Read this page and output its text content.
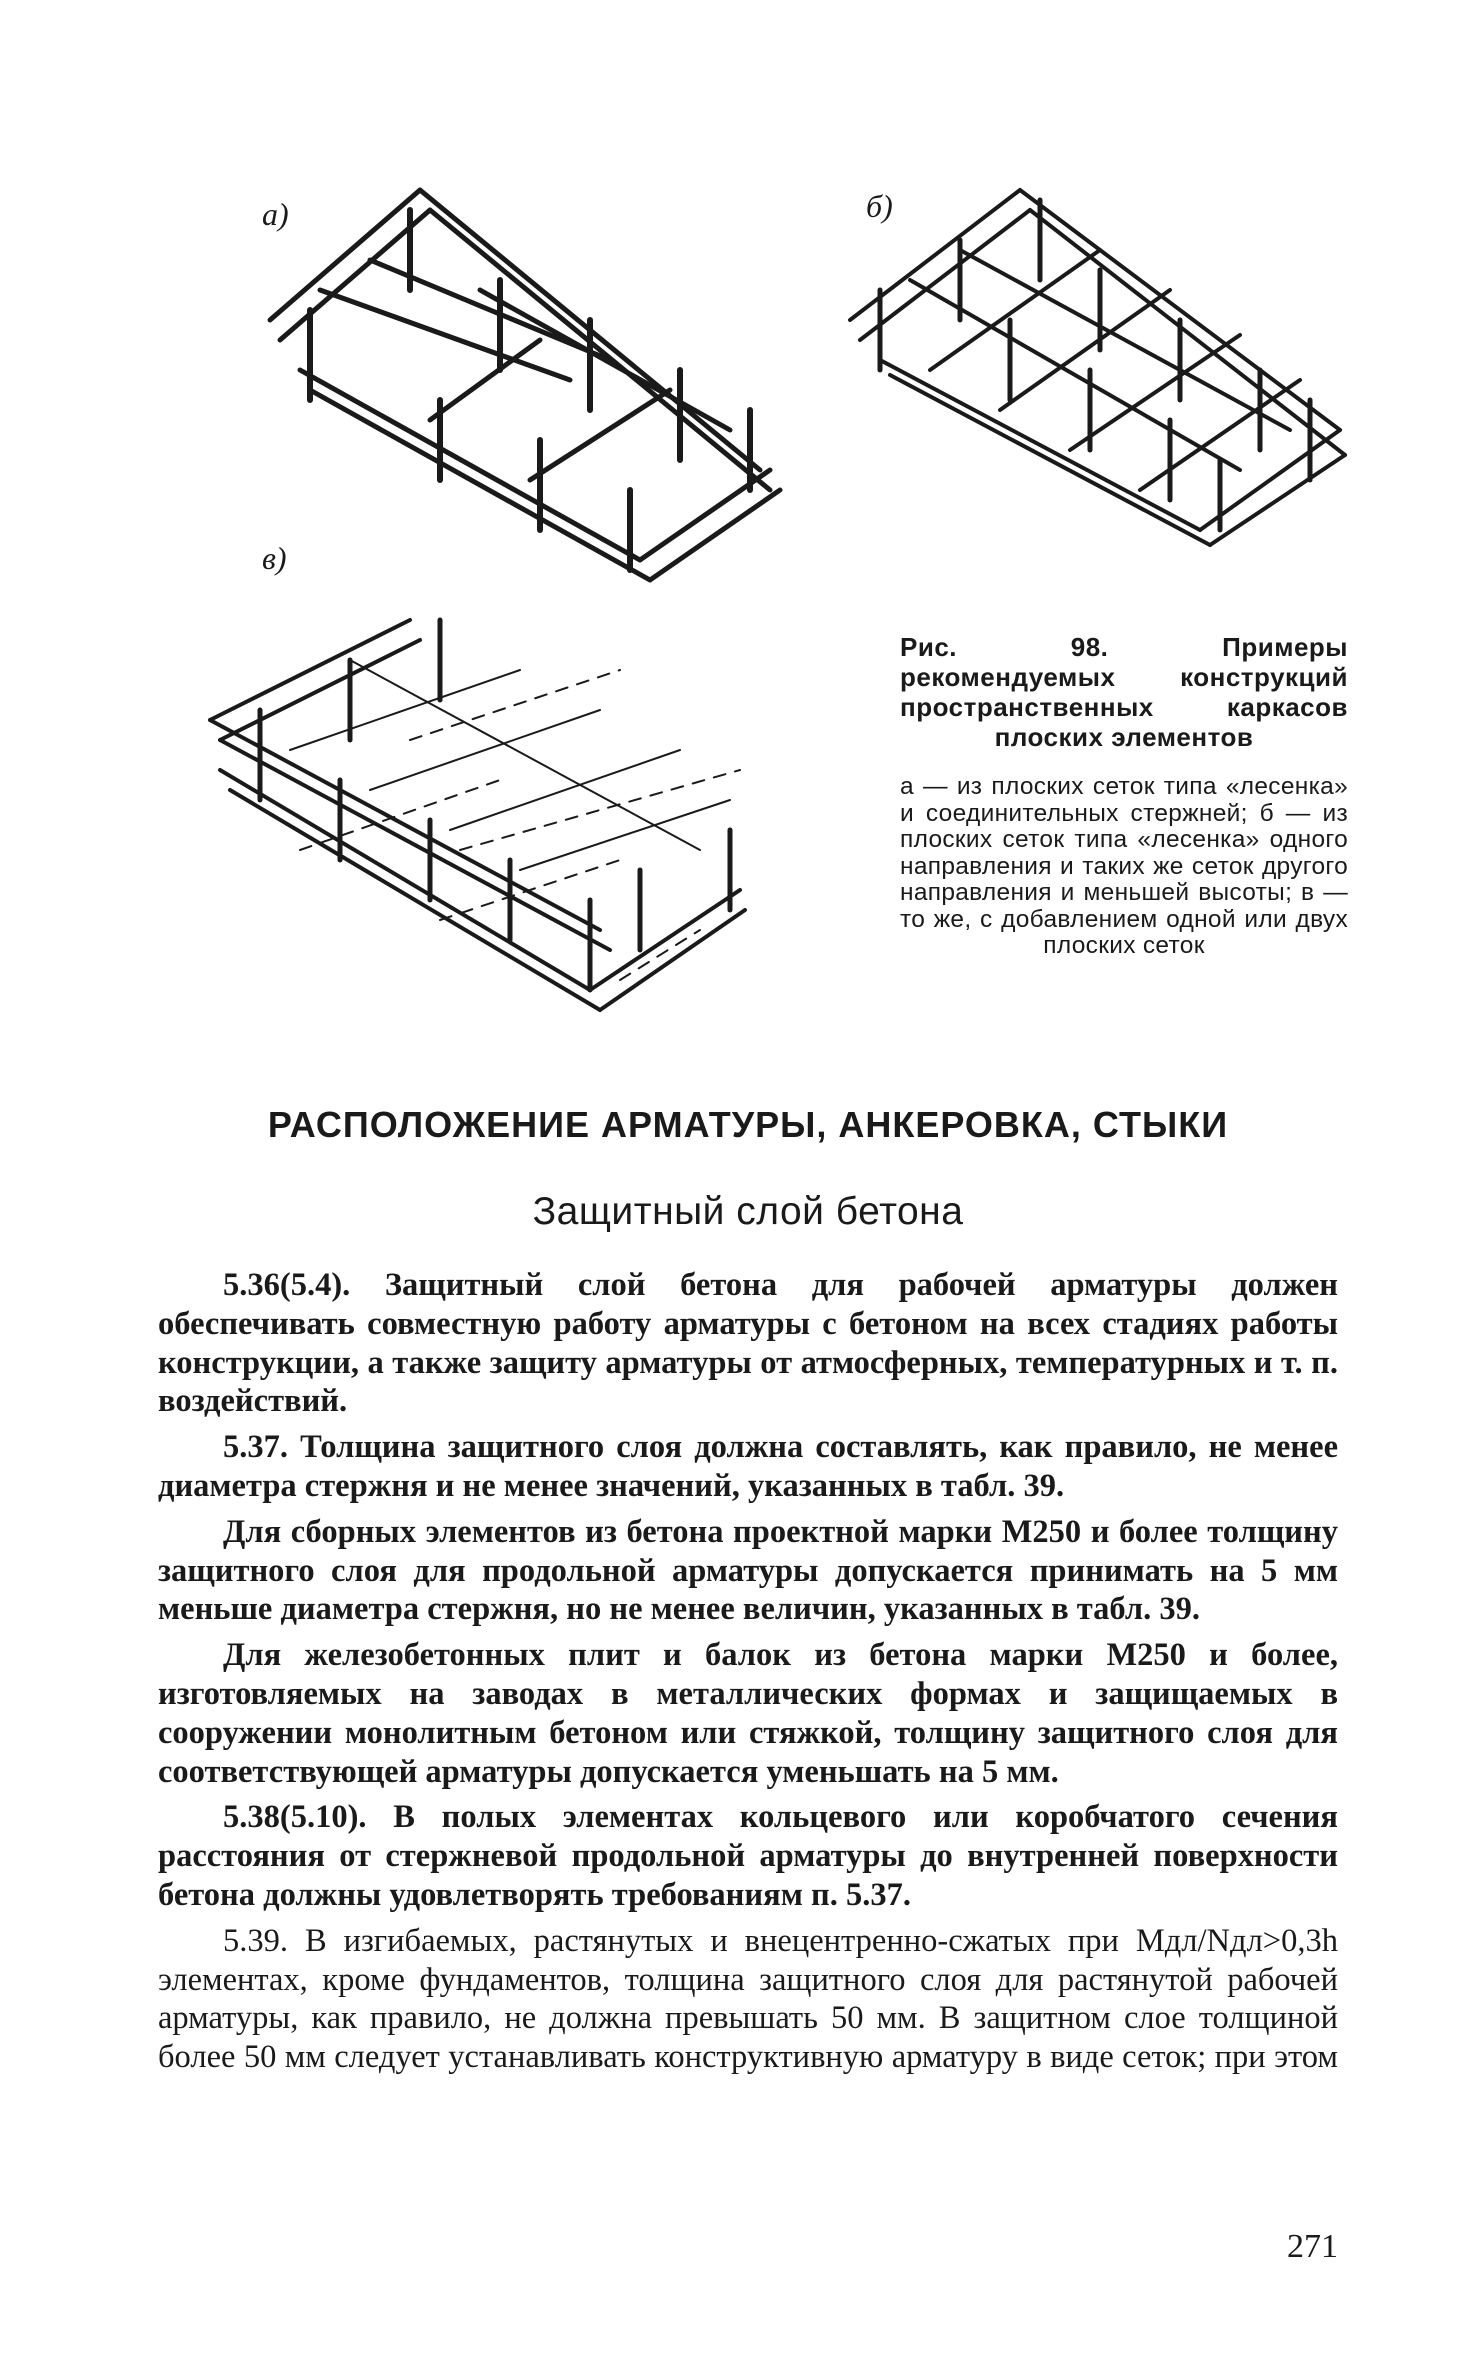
а)	б)
в)
Рис. 98. Примеры рекомендуемых конструкций пространственных каркасов плоских элементов
а — из плоских сеток типа «лесенка» и соединительных стержней; б — из плоских сеток типа «лесенка» одного направления и таких же сеток другого направления и меньшей высоты; в — то же, с добавлением одной или двух плоских сеток
РАСПОЛОЖЕНИЕ АРМАТУРЫ, АНКЕРОВКА, СТЫКИ
Защитный слой бетона

5.36(5.4). Защитный слой бетона для рабочей арматуры должен обеспечивать совместную работу арматуры с бетоном на всех стадиях работы конструкции, а также защиту арматуры от атмосферных, температурных и т. п. воздействий.

5.37. Толщина защитного слоя должна составлять, как правило, не менее диаметра стержня и не менее значений, указанных в табл. 39.

Для сборных элементов из бетона проектной марки М250 и более толщину защитного слоя для продольной арматуры допускается принимать на 5 мм меньше диаметра стержня, но не менее величин, указанных в табл. 39.

Для железобетонных плит и балок из бетона марки М250 и более, изготовляемых на заводах в металлических формах и защищаемых в сооружении монолитным бетоном или стяжкой, толщину защитного слоя для соответствующей арматуры допускается уменьшать на 5 мм.

5.38(5.10). В полых элементах кольцевого или коробчатого сечения расстояния от стержневой продольной арматуры до внутренней поверхности бетона должны удовлетворять требованиям п. 5.37.

5.39. В изгибаемых, растянутых и внецентренно-сжатых при Mдл/Nдл>0,3h элементах, кроме фундаментов, толщина защитного слоя для растянутой рабочей арматуры, как правило, не должна превышать 50 мм. В защитном слое толщиной более 50 мм следует устанавливать конструктивную арматуру в виде сеток; при этом

271
